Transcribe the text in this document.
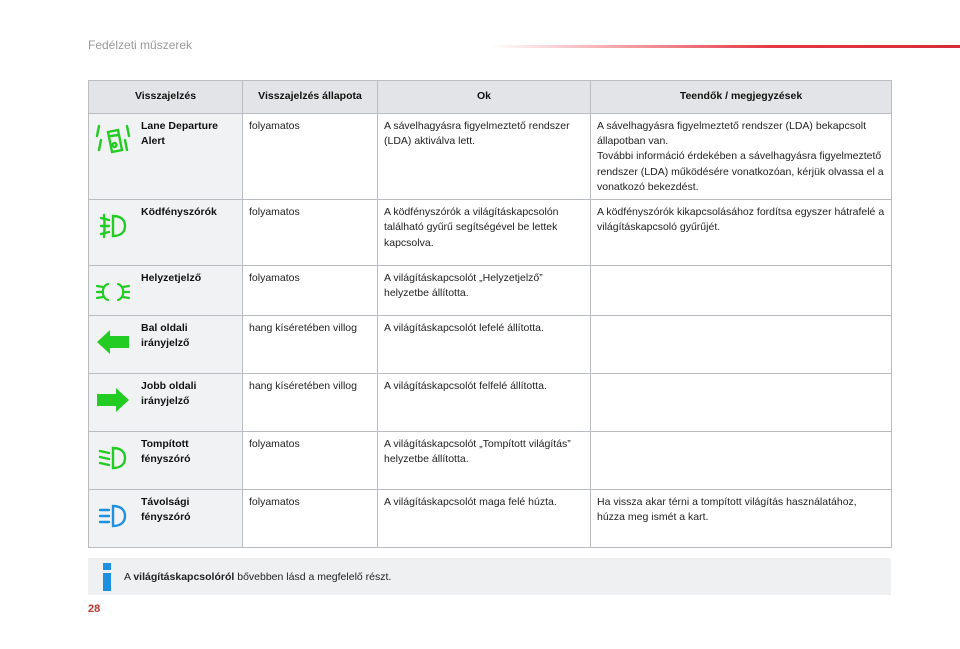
Fedélzeti műszerek
Visszajelzés	Visszajelzés állapota	Ok	Teendők / megjegyzések

Lane Departure Alert	folyamatos	A sávelhagyásra figyelmeztető rendszer (LDA) aktiválva lett.	A sávelhagyásra figyelmeztető rendszer (LDA) bekapcsolt állapotban van.
További információ érdekében a sávelhagyásra figyelmeztető rendszer (LDA) működésére vonatkozóan, kérjük olvassa el a vonatkozó bekezdést.

Ködfényszórók	folyamatos	A ködfényszórók a világításkapcsolón található gyűrű segítségével be lettek kapcsolva.	A ködfényszórók kikapcsolásához fordítsa egyszer hátrafelé a világításkapcsoló gyűrűjét.

Helyzetjelző	folyamatos	A világításkapcsolót „Helyzetjelző” helyzetbe állította.	

Bal oldali irányjelző	hang kíséretében villog	A világításkapcsolót lefelé állította.	

Jobb oldali irányjelző	hang kíséretében villog	A világításkapcsolót felfelé állította.	

Tompított fényszóró	folyamatos	A világításkapcsolót „Tompított világítás” helyzetbe állította.	

Távolsági fényszóró	folyamatos	A világításkapcsolót maga felé húzta.	Ha vissza akar térni a tompított világítás használatához, húzza meg ismét a kart.
A világításkapcsolóról bővebben lásd a megfelelő részt.
28
